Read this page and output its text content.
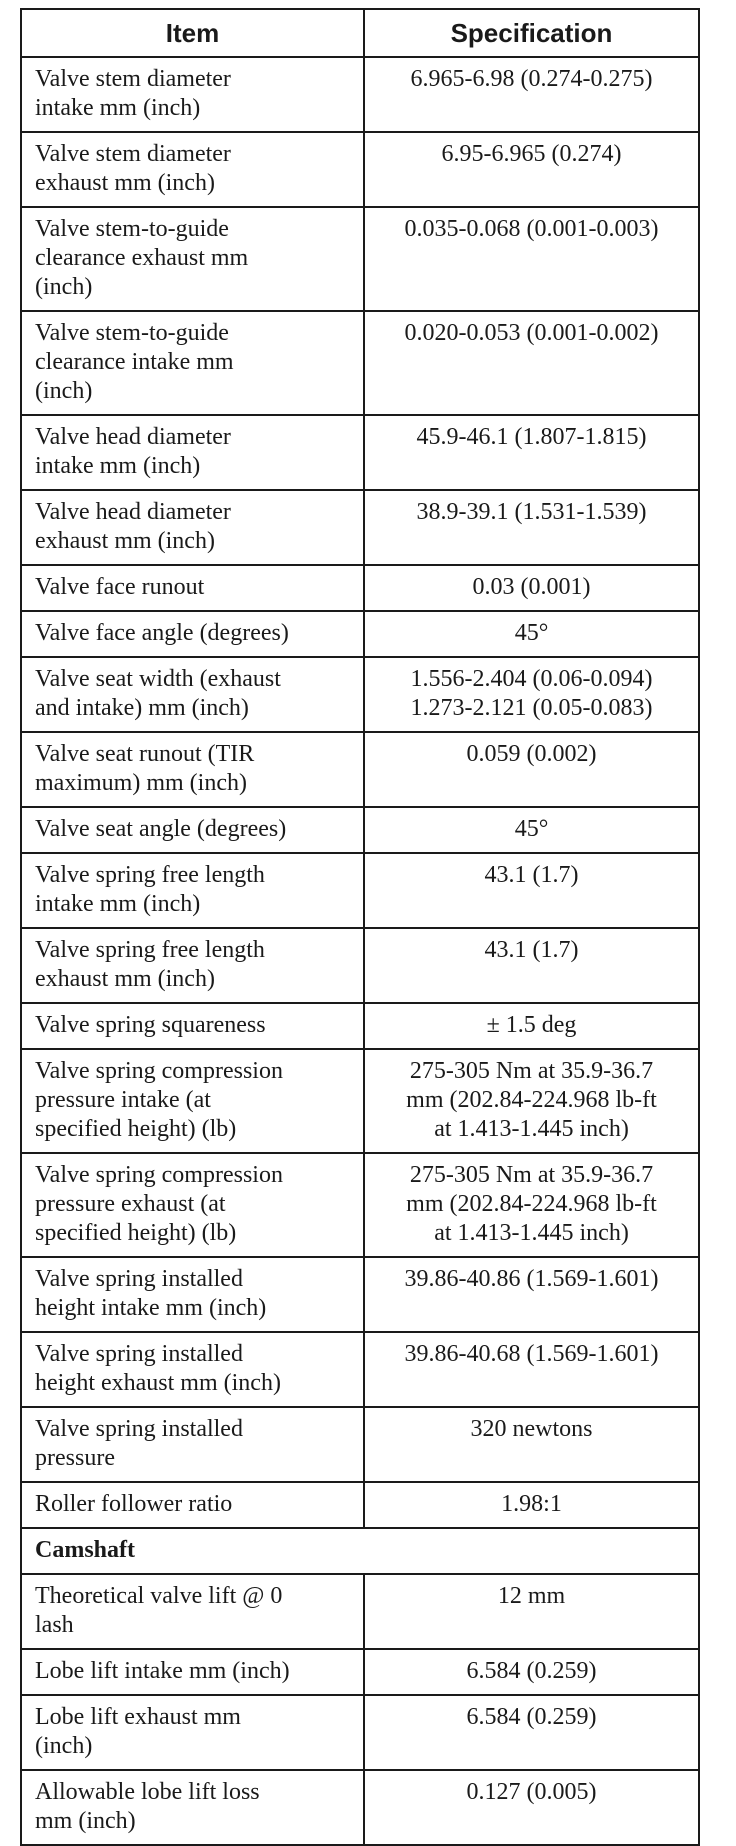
Item	Specification

Valve stem diameter
intake mm (inch)	6.965-6.98 (0.274-0.275)

Valve stem diameter
exhaust mm (inch)	6.95-6.965 (0.274)

Valve stem-to-guide
clearance exhaust mm
(inch)	0.035-0.068 (0.001-0.003)

Valve stem-to-guide
clearance intake mm
(inch)	0.020-0.053 (0.001-0.002)

Valve head diameter
intake mm (inch)	45.9-46.1 (1.807-1.815)

Valve head diameter
exhaust mm (inch)	38.9-39.1 (1.531-1.539)

Valve face runout	0.03 (0.001)

Valve face angle (degrees)	45°

Valve seat width (exhaust
and intake) mm (inch)	1.556-2.404 (0.06-0.094)
1.273-2.121 (0.05-0.083)

Valve seat runout (TIR
maximum) mm (inch)	0.059 (0.002)

Valve seat angle (degrees)	45°

Valve spring free length
intake mm (inch)	43.1 (1.7)

Valve spring free length
exhaust mm (inch)	43.1 (1.7)

Valve spring squareness	± 1.5 deg

Valve spring compression
pressure intake (at
specified height) (lb)	275-305 Nm at 35.9-36.7
mm (202.84-224.968 lb-ft
at 1.413-1.445 inch)

Valve spring compression
pressure exhaust (at
specified height) (lb)	275-305 Nm at 35.9-36.7
mm (202.84-224.968 lb-ft
at 1.413-1.445 inch)

Valve spring installed
height intake mm (inch)	39.86-40.86 (1.569-1.601)

Valve spring installed
height exhaust mm (inch)	39.86-40.68 (1.569-1.601)

Valve spring installed
pressure	320 newtons

Roller follower ratio	1.98:1

Camshaft	

Theoretical valve lift @ 0
lash	12 mm

Lobe lift intake mm (inch)	6.584 (0.259)

Lobe lift exhaust mm
(inch)	6.584 (0.259)

Allowable lobe lift loss
mm (inch)	0.127 (0.005)
